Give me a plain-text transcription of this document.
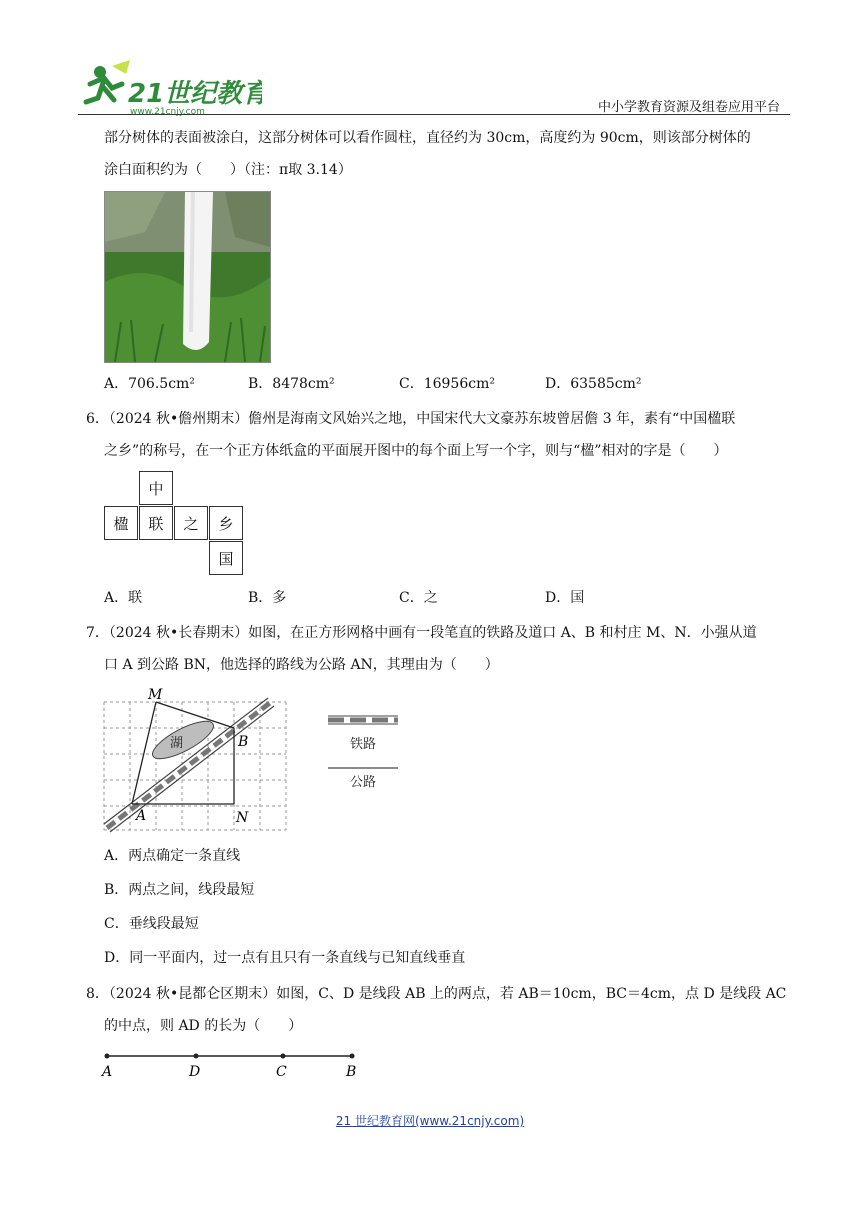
21世纪教育
www.21cnjy.com	中小学教育资源及组卷应用平台
部分树体的表面被涂白，这部分树体可以看作圆柱，直径约为 30cm，高度约为 90cm，则该部分树体的
涂白面积约为（　　）（注：π取 3.14）
A．706.5cm²	B．8478cm²	C．16956cm²	D．63585cm²
6．（2024 秋•儋州期末）儋州是海南文风始兴之地，中国宋代大文豪苏东坡曾居儋 3 年，素有“中国楹联
之乡”的称号，在一个正方体纸盒的平面展开图中的每个面上写一个字，则与“楹”相对的字是（　　）
中
楹	联	之	乡
国
A．联	B．多	C．之	D．国
7．（2024 秋•长春期末）如图，在正方形网格中画有一段笔直的铁路及道口 A、B 和村庄 M、N．小强从道
口 A 到公路 BN，他选择的路线为公路 AN，其理由为（　　）
湖
M
B
A	N
铁路
公路
A．两点确定一条直线
B．两点之间，线段最短
C．垂线段最短
D．同一平面内，过一点有且只有一条直线与已知直线垂直
8．（2024 秋•昆都仑区期末）如图，C、D 是线段 AB 上的两点，若 AB＝10cm，BC＝4cm，点 D 是线段 AC
的中点，则 AD 的长为（　　）
A	D	C	B
21 世纪教育网(www.21cnjy.com)
